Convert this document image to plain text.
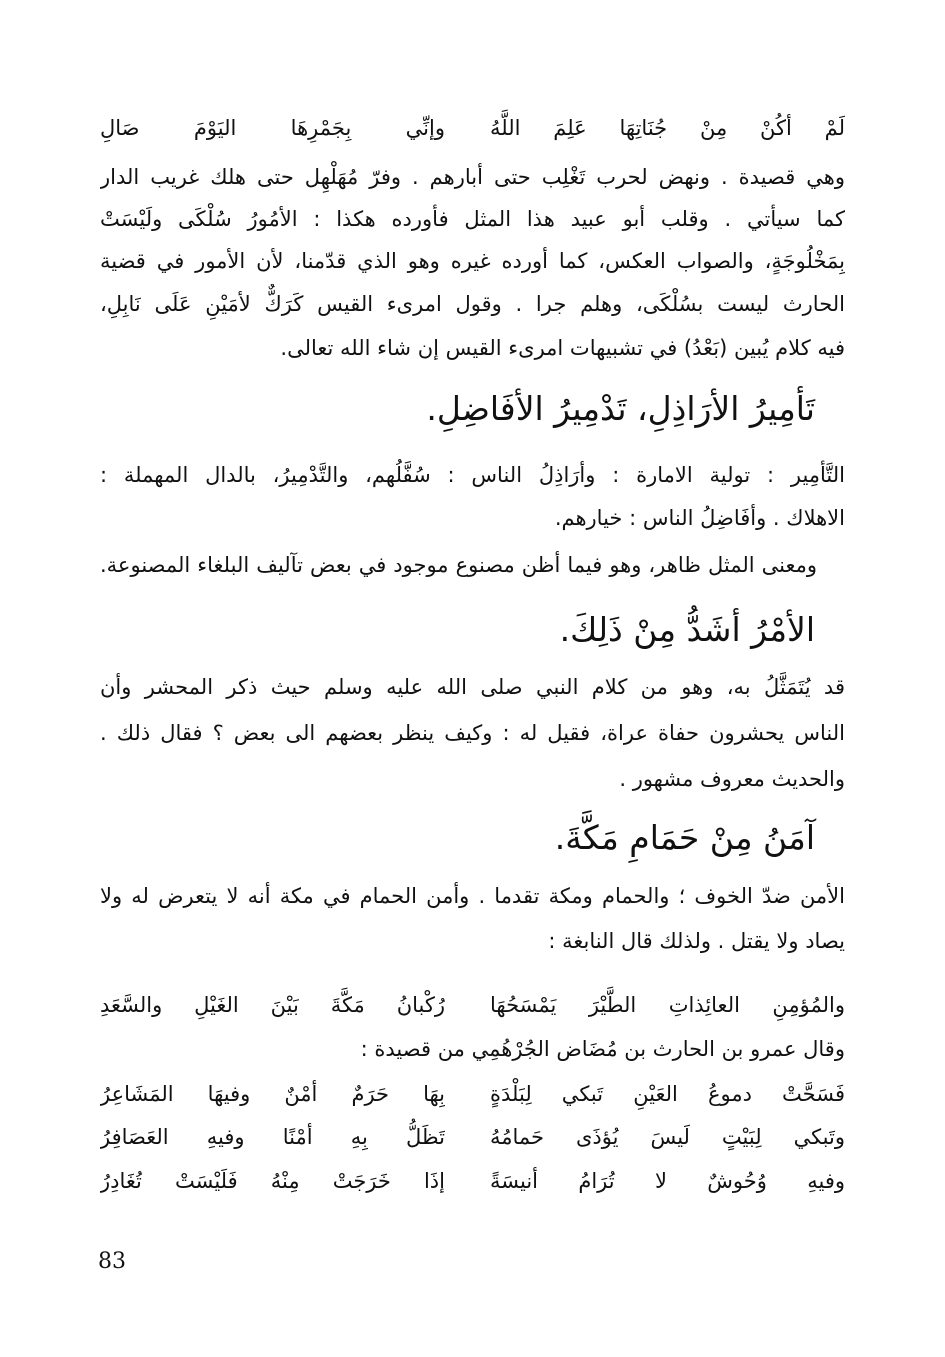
لَمْ أكُنْ مِنْ جُنَاتِهَا عَلِمَ اللَّهُ
وإنِّي بِجَمْرِهَا اليَوْمَ صَالِ
وهي قصيدة . ونهض لحرب تَغْلِب حتى أبارهم . وفرّ مُهَلْهِل حتى هلك غريب الدار
كما سيأتي . وقلب أبو عبيد هذا المثل فأورده هكذا : الأمُورُ سُلْكَى ولَيْسَتْ
بِمَخْلُوجَةٍ، والصواب العكس، كما أورده غيره وهو الذي قدّمنا، لأن الأمور في قضية
الحارث ليست بسُلْكَى، وهلم جرا . وقول امرىء القيس كَرَكٌّ لأمَيْنِ عَلَى نَابِلِ،
فيه كلام يُبين (بَعْدُ) في تشبيهات امرىء القيس إن شاء الله تعالى.
تَأمِيرُ الأرَاذِلِ، تَدْمِيرُ الأفَاضِلِ.
التَّأمِير : تولية الامارة : وأرَاذِلُ الناس : سُفَّلُهم، والتَّدْمِيرُ، بالدال المهملة :
الاهلاك . وأفَاضِلُ الناس : خيارهم.
ومعنى المثل ظاهر، وهو فيما أظن مصنوع موجود في بعض تآليف البلغاء المصنوعة.
الأمْرُ أشَدُّ مِنْ ذَلِكَ.
قد يُتَمَثَّلُ به، وهو من كلام النبي صلى الله عليه وسلم حيث ذكر المحشر وأن
الناس يحشرون حفاة عراة، فقيل له : وكيف ينظر بعضهم الى بعض ؟ فقال ذلك .
والحديث معروف مشهور .
آمَنُ مِنْ حَمَامِ مَكَّةَ.
الأمن ضدّ الخوف ؛ والحمام ومكة تقدما . وأمن الحمام في مكة أنه لا يتعرض له ولا
يصاد ولا يقتل . ولذلك قال النابغة :
والمُؤمِنِ العائِذاتِ الطَّيْرَ يَمْسَحُهَا
رُكْبانُ مَكَّةَ بَيْنَ الغَيْلِ والسَّعَدِ
وقال عمرو بن الحارث بن مُضَاض الجُرْهُمِي من قصيدة :
فَسَحَّتْ دموعُ العَيْنِ تَبكي لِبَلْدَةٍ
بِهَا حَرَمٌ أمْنٌ وفيهَا المَشَاعِرُ
وتَبكي لِبَيْتٍ لَيسَ يُؤذَى حَمامُهُ
تَظَلُّ بِهِ أمْنًا وفيهِ العَصَافِرُ
وفيهِ وُحُوشٌ لا تُرَامُ أنيسَةً
إذَا خَرَجَتْ مِنْهُ فَلَيْسَتْ تُغَادِرُ
83
